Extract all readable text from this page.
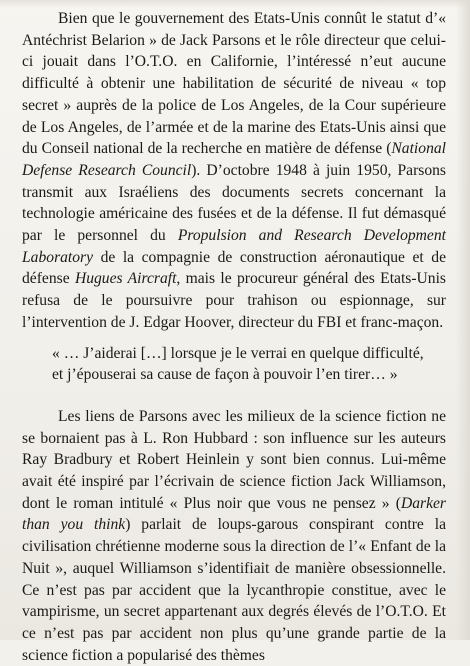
Bien que le gouvernement des Etats-Unis connût le statut d’« Antéchrist Belarion » de Jack Parsons et le rôle directeur que celui-ci jouait dans l’O.T.O. en Californie, l’intéressé n’eut aucune difficulté à obtenir une habilitation de sécurité de niveau « top secret » auprès de la police de Los Angeles, de la Cour supérieure de Los Angeles, de l’armée et de la marine des Etats-Unis ainsi que du Conseil national de la recherche en matière de défense (National Defense Research Council). D’octobre 1948 à juin 1950, Parsons transmit aux Israéliens des documents secrets concernant la technologie américaine des fusées et de la défense. Il fut démasqué par le personnel du Propulsion and Research Development Laboratory de la compagnie de construction aéronautique et de défense Hugues Aircraft, mais le procureur général des Etats-Unis refusa de le poursuivre pour trahison ou espionnage, sur l’intervention de J. Edgar Hoover, directeur du FBI et franc-maçon.

« … J’aiderai […] lorsque je le verrai en quelque difficulté,
et j’épouserai sa cause de façon à pouvoir l’en tirer… »

Les liens de Parsons avec les milieux de la science fiction ne se bornaient pas à L. Ron Hubbard : son influence sur les auteurs Ray Bradbury et Robert Heinlein y sont bien connus. Lui-même avait été inspiré par l’écrivain de science fiction Jack Williamson, dont le roman intitulé « Plus noir que vous ne pensez » (Darker than you think) parlait de loups-garous conspirant contre la civilisation chrétienne moderne sous la direction de l’« Enfant de la Nuit », auquel Williamson s’identifiait de manière obsessionnelle. Ce n’est pas par accident que la lycanthropie constitue, avec le vampirisme, un secret appartenant aux degrés élevés de l’O.T.O. Et ce n’est pas par accident non plus qu’une grande partie de la science fiction a popularisé des thèmes
